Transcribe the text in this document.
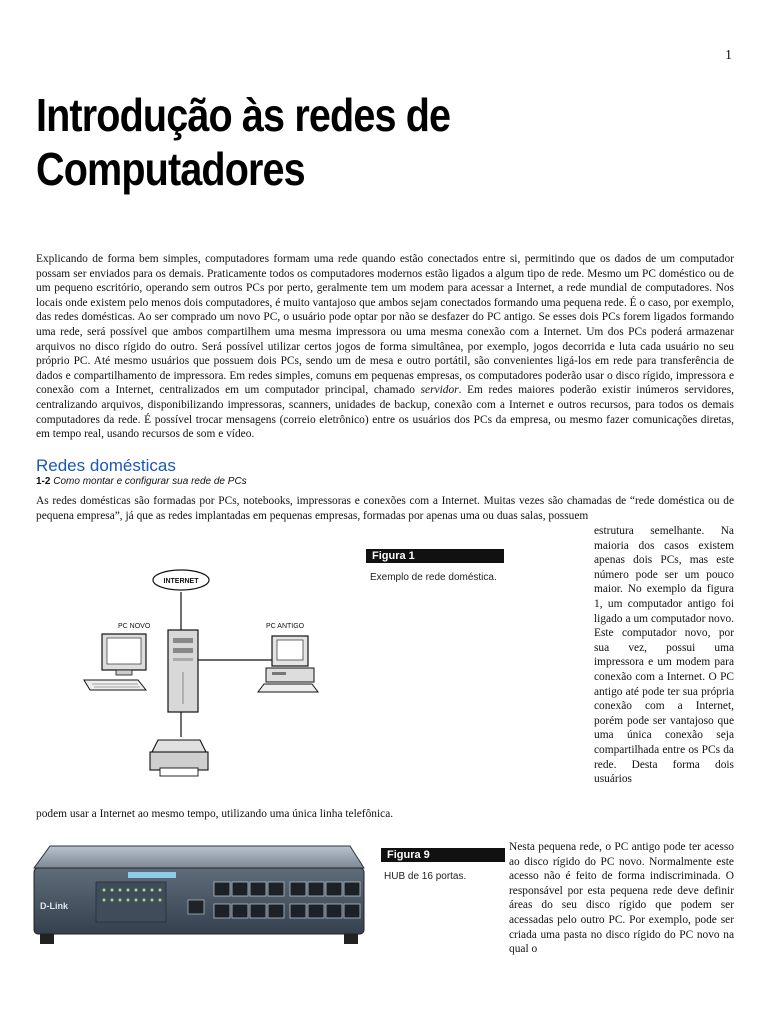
1
Introdução às redes de
Computadores
Explicando de forma bem simples, computadores formam uma rede quando estão conectados entre si, permitindo que os dados de um computador possam ser enviados para os demais. Praticamente todos os computadores modernos estão ligados a algum tipo de rede. Mesmo um PC doméstico ou de um pequeno escritório, operando sem outros PCs por perto, geralmente tem um modem para acessar a Internet, a rede mundial de computadores. Nos locais onde existem pelo menos dois computadores, é muito vantajoso que ambos sejam conectados formando uma pequena rede. É o caso, por exemplo, das redes domésticas. Ao ser comprado um novo PC, o usuário pode optar por não se desfazer do PC antigo. Se esses dois PCs forem ligados formando uma rede, será possível que ambos compartilhem uma mesma impressora ou uma mesma conexão com a Internet. Um dos PCs poderá armazenar arquivos no disco rígido do outro. Será possível utilizar certos jogos de forma simultânea, por exemplo, jogos decorrida e luta cada usuário no seu próprio PC. Até mesmo usuários que possuem dois PCs, sendo um de mesa e outro portátil, são convenientes ligá-los em rede para transferência de dados e compartilhamento de impressora. Em redes simples, comuns em pequenas empresas, os computadores poderão usar o disco rígido, impressora e conexão com a Internet, centralizados em um computador principal, chamado servidor. Em redes maiores poderão existir inúmeros servidores, centralizando arquivos, disponibilizando impressoras, scanners, unidades de backup, conexão com a Internet e outros recursos, para todos os demais computadores da rede. É possível trocar mensagens (correio eletrônico) entre os usuários dos PCs da empresa, ou mesmo fazer comunicações diretas, em tempo real, usando recursos de som e vídeo.
Redes domésticas
1-2 Como montar e configurar sua rede de PCs
As redes domésticas são formadas por PCs, notebooks, impressoras e conexões com a Internet. Muitas vezes são chamadas de “rede doméstica ou de pequena empresa”, já que as redes implantadas em pequenas empresas, formadas por apenas uma ou duas salas, possuem
estrutura semelhante. Na maioria dos casos existem apenas dois PCs, mas este número pode ser um pouco maior. No exemplo da figura 1, um computador antigo foi ligado a um computador novo. Este computador novo, por sua vez, possui uma impressora e um modem para conexão com a Internet. O PC antigo até pode ter sua própria conexão com a Internet, porém pode ser vantajoso que uma única conexão seja compartilhada entre os PCs da rede. Desta forma dois usuários
Figura 1
Exemplo de rede doméstica.
INTERNET
PC NOVO	PC ANTIGO
podem usar a Internet ao mesmo tempo, utilizando uma única linha telefônica.
Figura 9
HUB de 16 portas.
D-Link
Nesta pequena rede, o PC antigo pode ter acesso ao disco rígido do PC novo. Normalmente este acesso não é feito de forma indiscriminada. O responsável por esta pequena rede deve definir áreas do seu disco rígido que podem ser acessadas pelo outro PC. Por exemplo, pode ser criada uma pasta no disco rígido do PC novo na qual o
